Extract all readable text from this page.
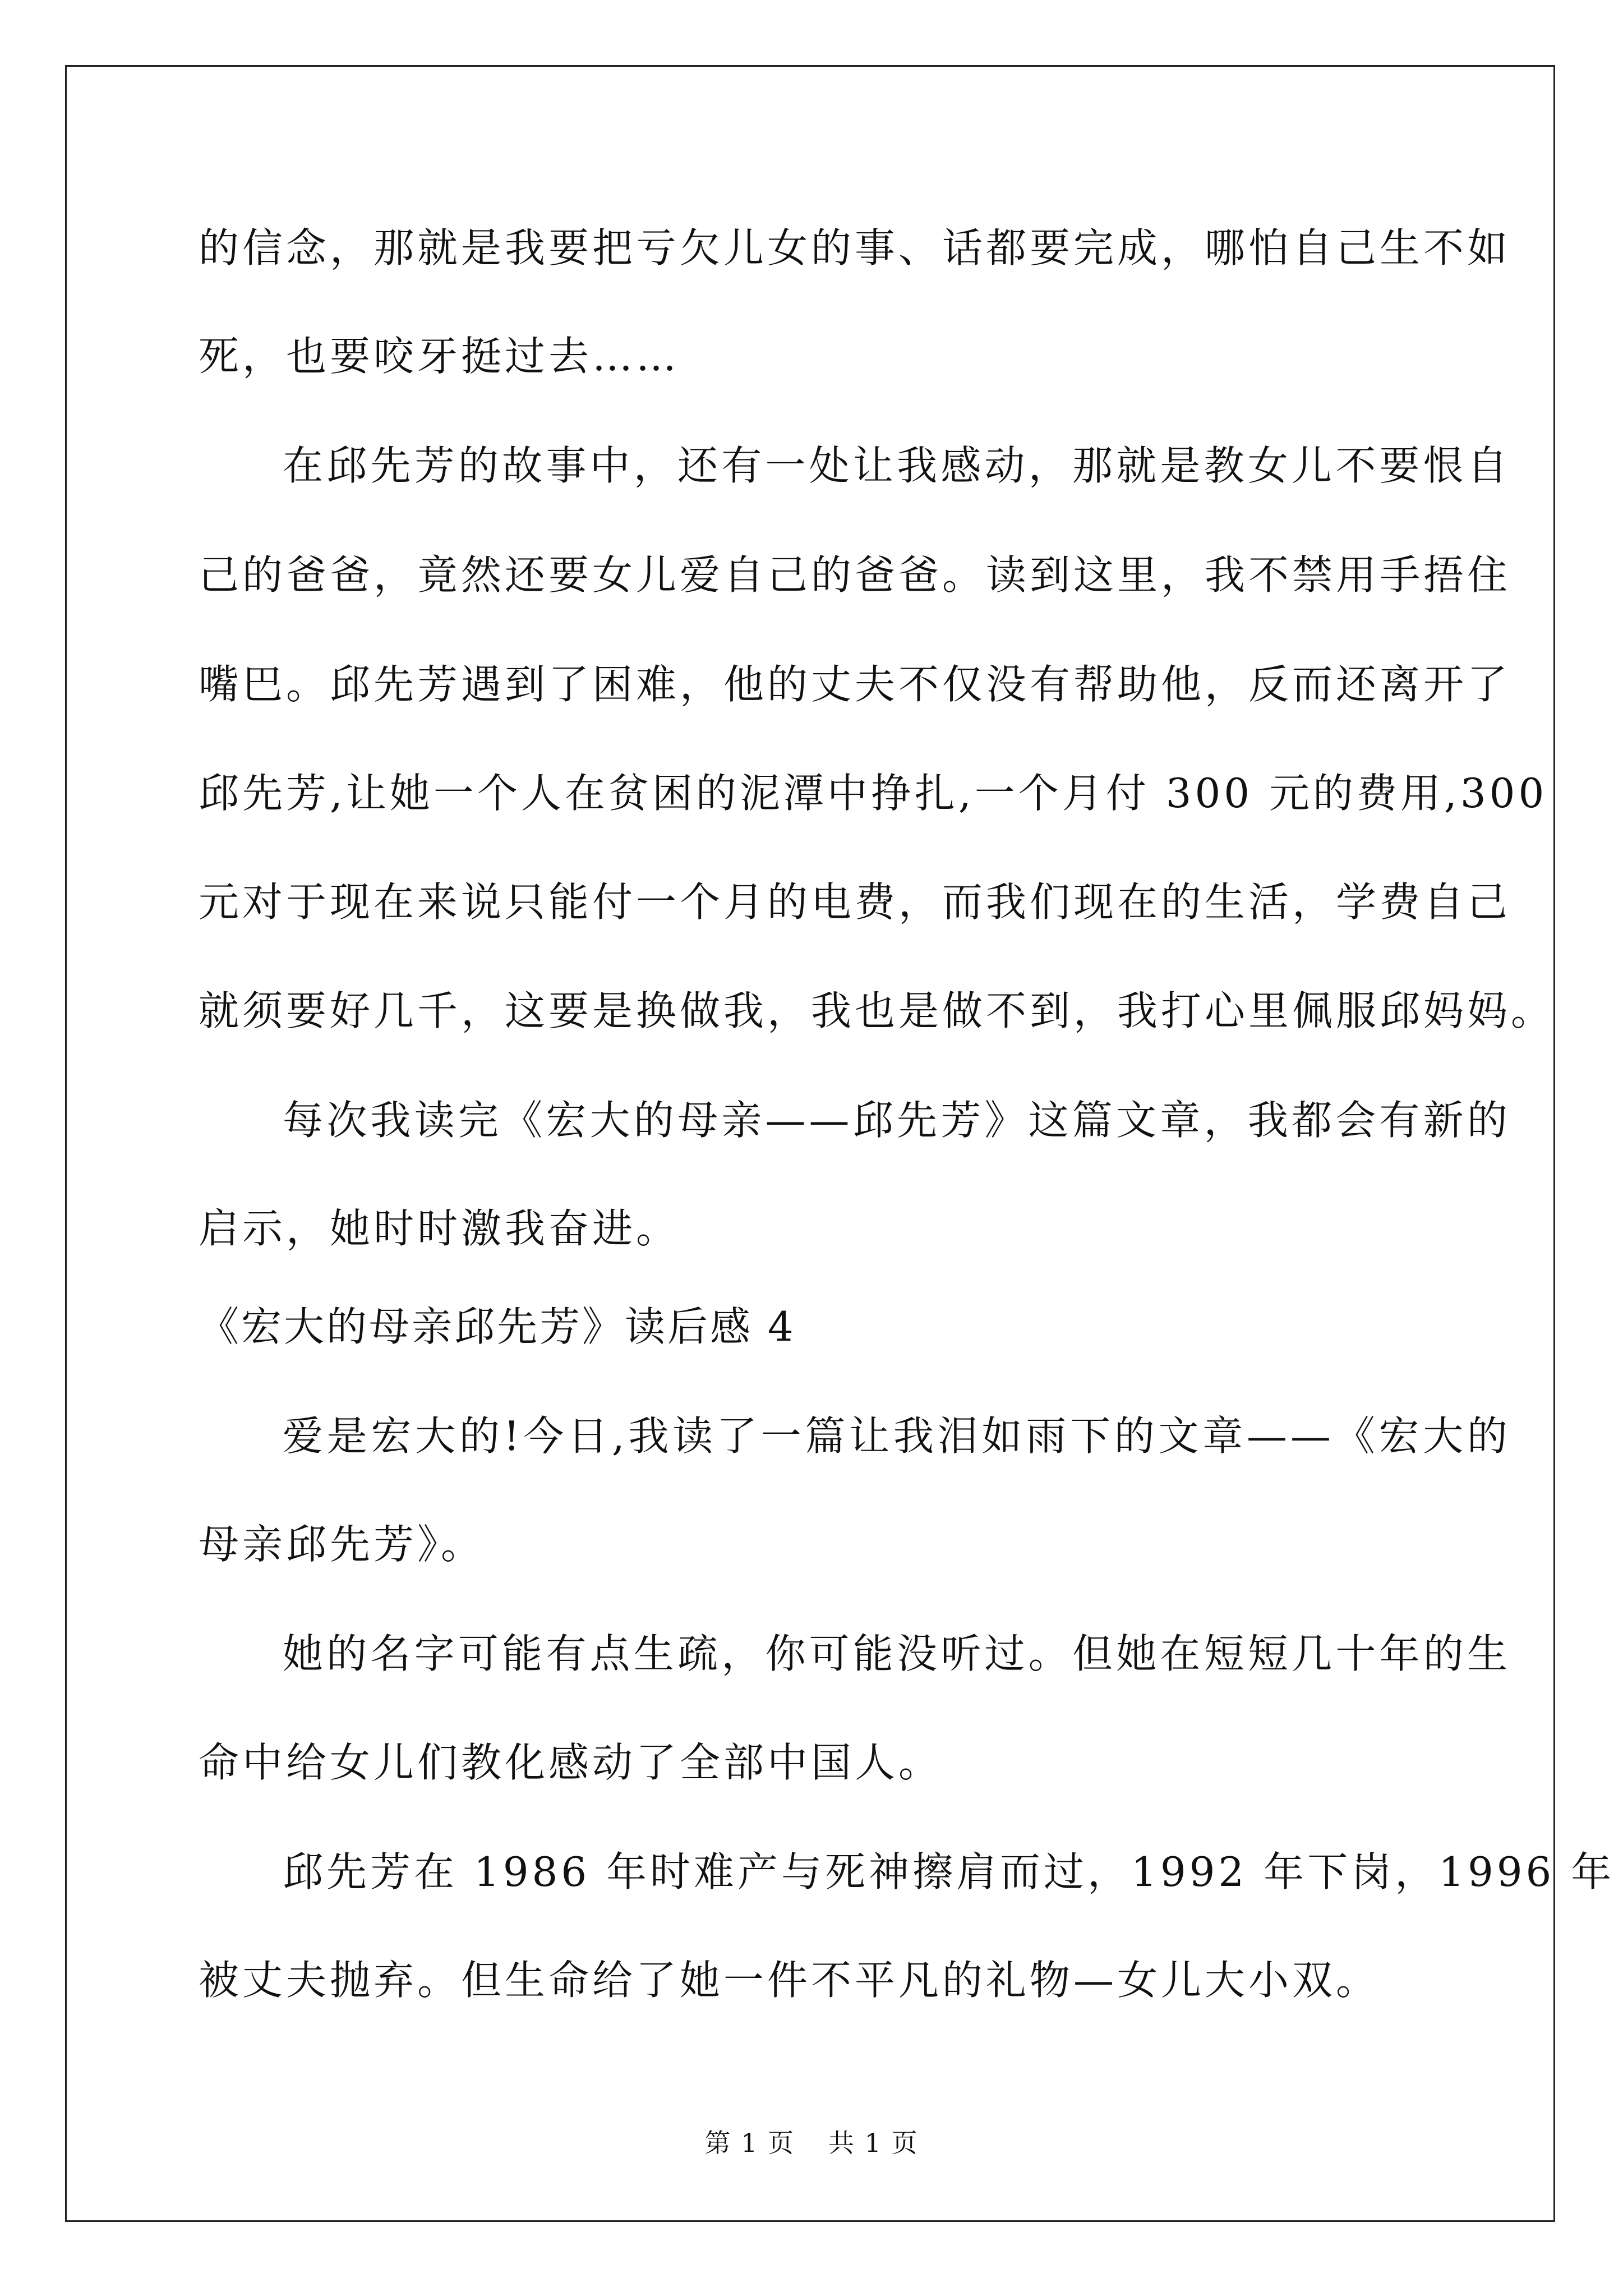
的信念，那就是我要把亏欠儿女的事、话都要完成，哪怕自己生不如
死，也要咬牙挺过去……
在邱先芳的故事中，还有一处让我感动，那就是教女儿不要恨自
己的爸爸，竟然还要女儿爱自己的爸爸。读到这里，我不禁用手捂住
嘴巴。邱先芳遇到了困难，他的丈夫不仅没有帮助他，反而还离开了
邱先芳,让她一个人在贫困的泥潭中挣扎,一个月付 300 元的费用,300
元对于现在来说只能付一个月的电费，而我们现在的生活，学费自己
就须要好几千，这要是换做我，我也是做不到，我打心里佩服邱妈妈。
每次我读完《宏大的母亲——邱先芳》这篇文章，我都会有新的
启示，她时时激我奋进。
《宏大的母亲邱先芳》读后感 4
爱是宏大的!今日,我读了一篇让我泪如雨下的文章——《宏大的
母亲邱先芳》。
她的名字可能有点生疏，你可能没听过。但她在短短几十年的生
命中给女儿们教化感动了全部中国人。
邱先芳在 1986 年时难产与死神擦肩而过，1992 年下岗，1996 年
被丈夫抛弃。但生命给了她一件不平凡的礼物—女儿大小双。
第 1 页 共 1 页
